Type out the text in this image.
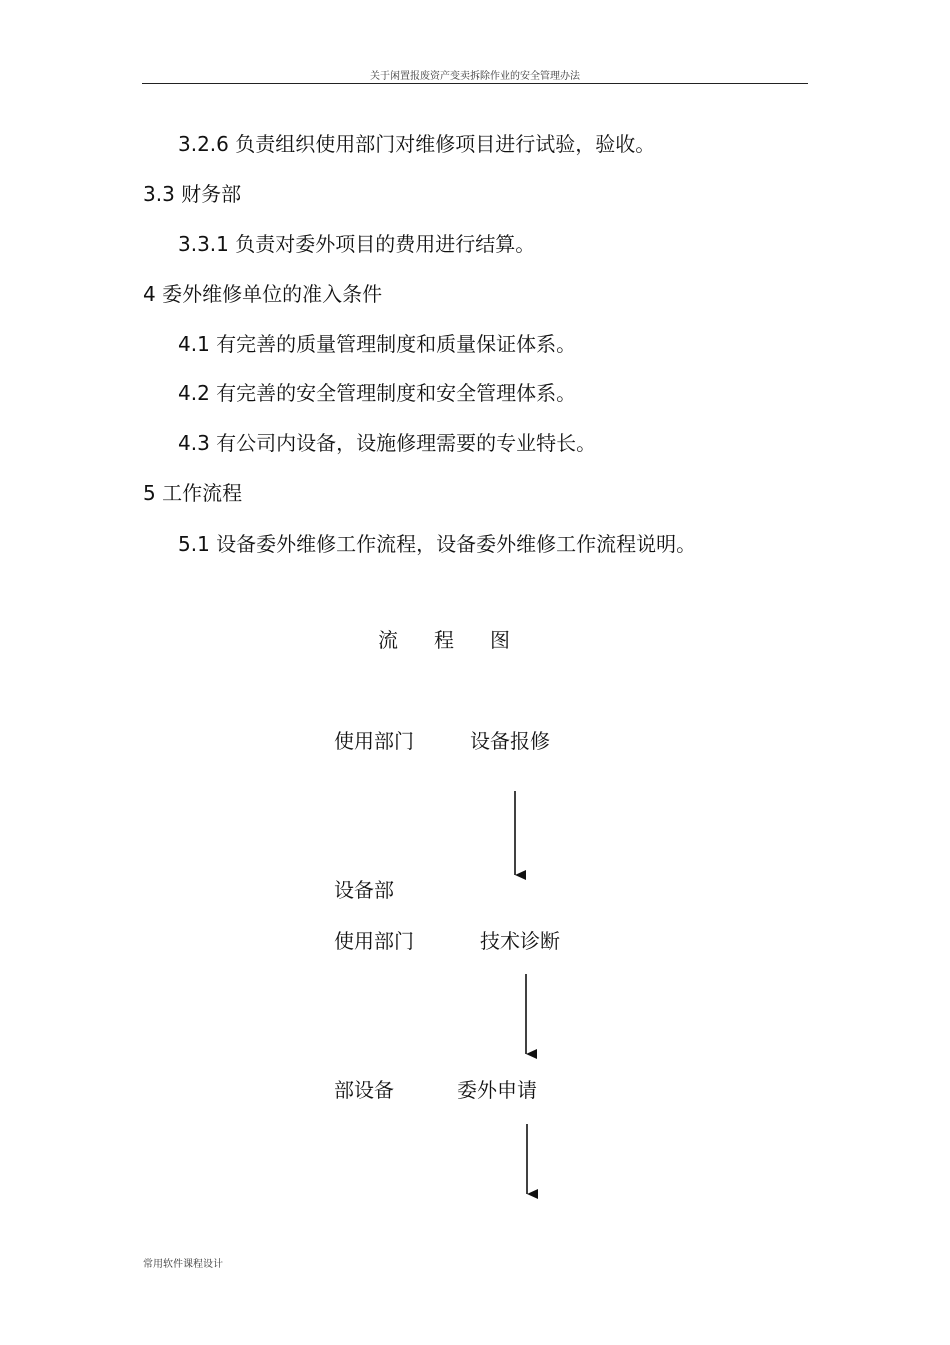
关于闲置报废资产变卖拆除作业的安全管理办法
3.2.6 负责组织使用部门对维修项目进行试验，验收。
3.3 财务部
3.3.1 负责对委外项目的费用进行结算。
4 委外维修单位的准入条件
4.1 有完善的质量管理制度和质量保证体系。
4.2 有完善的安全管理制度和安全管理体系。
4.3 有公司内设备，设施修理需要的专业特长。
5 工作流程
5.1 设备委外维修工作流程，设备委外维修工作流程说明。
流 程 图
使用部门	设备报修
设备部
使用部门	技术诊断
部设备	委外申请
常用软件课程设计
